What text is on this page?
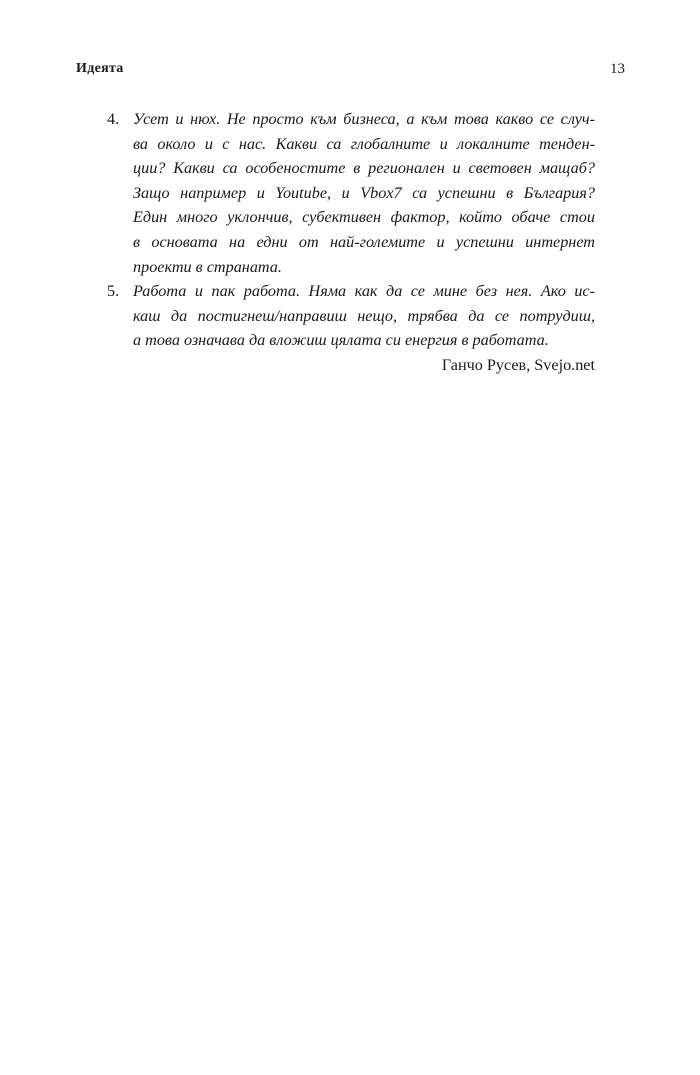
Идеята	13
4. Усет и нюх. Не просто към бизнеса, а към това какво се случ-
ва около и с нас. Какви са глобалните и локалните тенден-
ции? Какви са особеностите в регионален и световен мащаб?
Защо например и Youtube, и Vbox7 са успешни в България?
Един много уклончив, субективен фактор, който обаче стои
в основата на едни от най-големите и успешни интернет
проекти в страната.
5. Работа и пак работа. Няма как да се мине без нея. Ако ис-
каш да постигнеш/направиш нещо, трябва да се потрудиш,
а това означава да вложиш цялата си енергия в работата.
Ганчо Русев, Svejo.net
